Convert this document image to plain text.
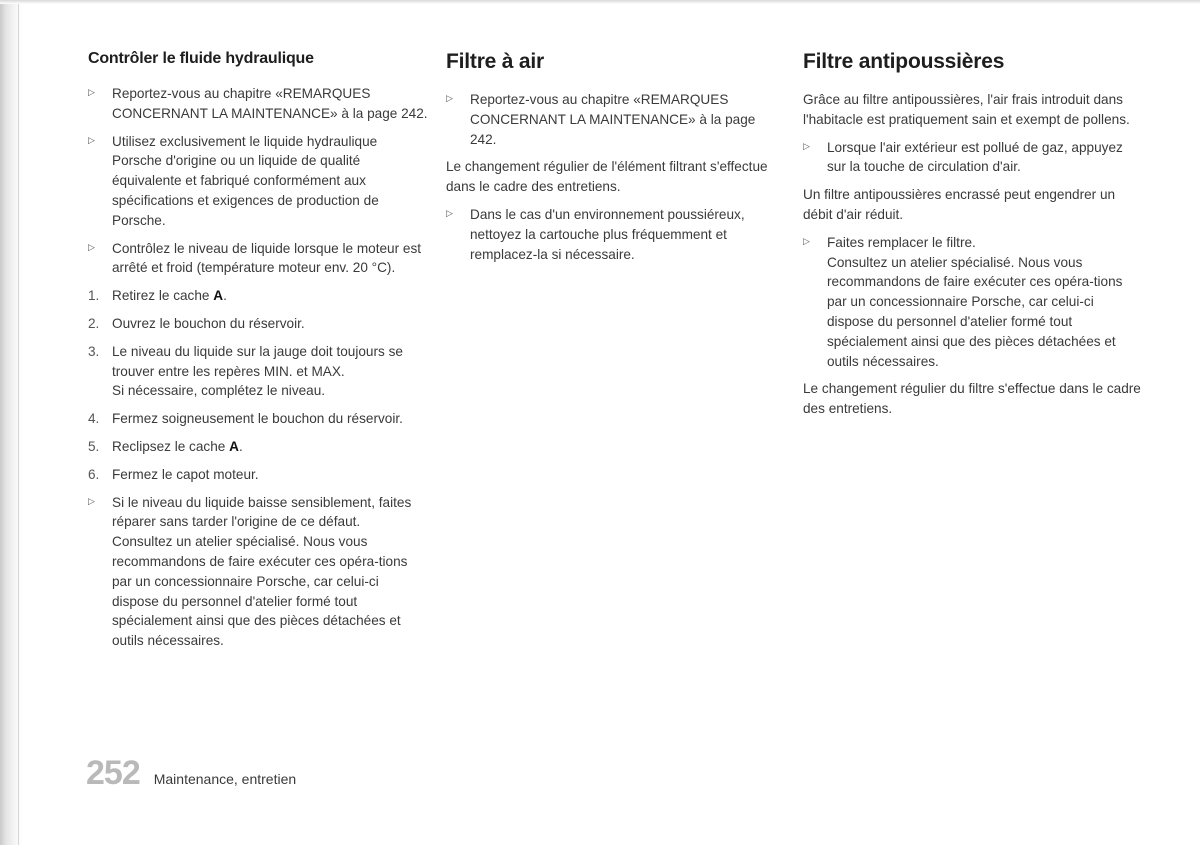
Contrôler le fluide hydraulique
▷	Reportez-vous au chapitre «REMARQUES CONCERNANT LA MAINTENANCE» à la page 242.
▷	Utilisez exclusivement le liquide hydraulique Porsche d'origine ou un liquide de qualité équivalente et fabriqué conformément aux spécifications et exigences de production de Porsche.
▷	Contrôlez le niveau de liquide lorsque le moteur est arrêté et froid (température moteur env. 20 °C).
1. Retirez le cache A.
2. Ouvrez le bouchon du réservoir.
3. Le niveau du liquide sur la jauge doit toujours se trouver entre les repères MIN. et MAX.
Si nécessaire, complétez le niveau.
4. Fermez soigneusement le bouchon du réservoir.
5. Reclipsez le cache A.
6. Fermez le capot moteur.
▷	Si le niveau du liquide baisse sensiblement, faites réparer sans tarder l'origine de ce défaut.
Consultez un atelier spécialisé. Nous vous recommandons de faire exécuter ces opéra-tions par un concessionnaire Porsche, car celui-ci dispose du personnel d'atelier formé tout spécialement ainsi que des pièces détachées et outils nécessaires.
Filtre à air
▷	Reportez-vous au chapitre «REMARQUES CONCERNANT LA MAINTENANCE» à la page 242.

Le changement régulier de l'élément filtrant s'effectue dans le cadre des entretiens.

▷	Dans le cas d'un environnement poussiéreux, nettoyez la cartouche plus fréquemment et remplacez-la si nécessaire.
Filtre antipoussières

Grâce au filtre antipoussières, l'air frais introduit dans l'habitacle est pratiquement sain et exempt de pollens.

▷	Lorsque l'air extérieur est pollué de gaz, appuyez sur la touche de circulation d'air.

Un filtre antipoussières encrassé peut engendrer un débit d'air réduit.

▷	Faites remplacer le filtre.
Consultez un atelier spécialisé. Nous vous recommandons de faire exécuter ces opéra-tions par un concessionnaire Porsche, car celui-ci dispose du personnel d'atelier formé tout spécialement ainsi que des pièces détachées et outils nécessaires.

Le changement régulier du filtre s'effectue dans le cadre des entretiens.

252 Maintenance, entretien
